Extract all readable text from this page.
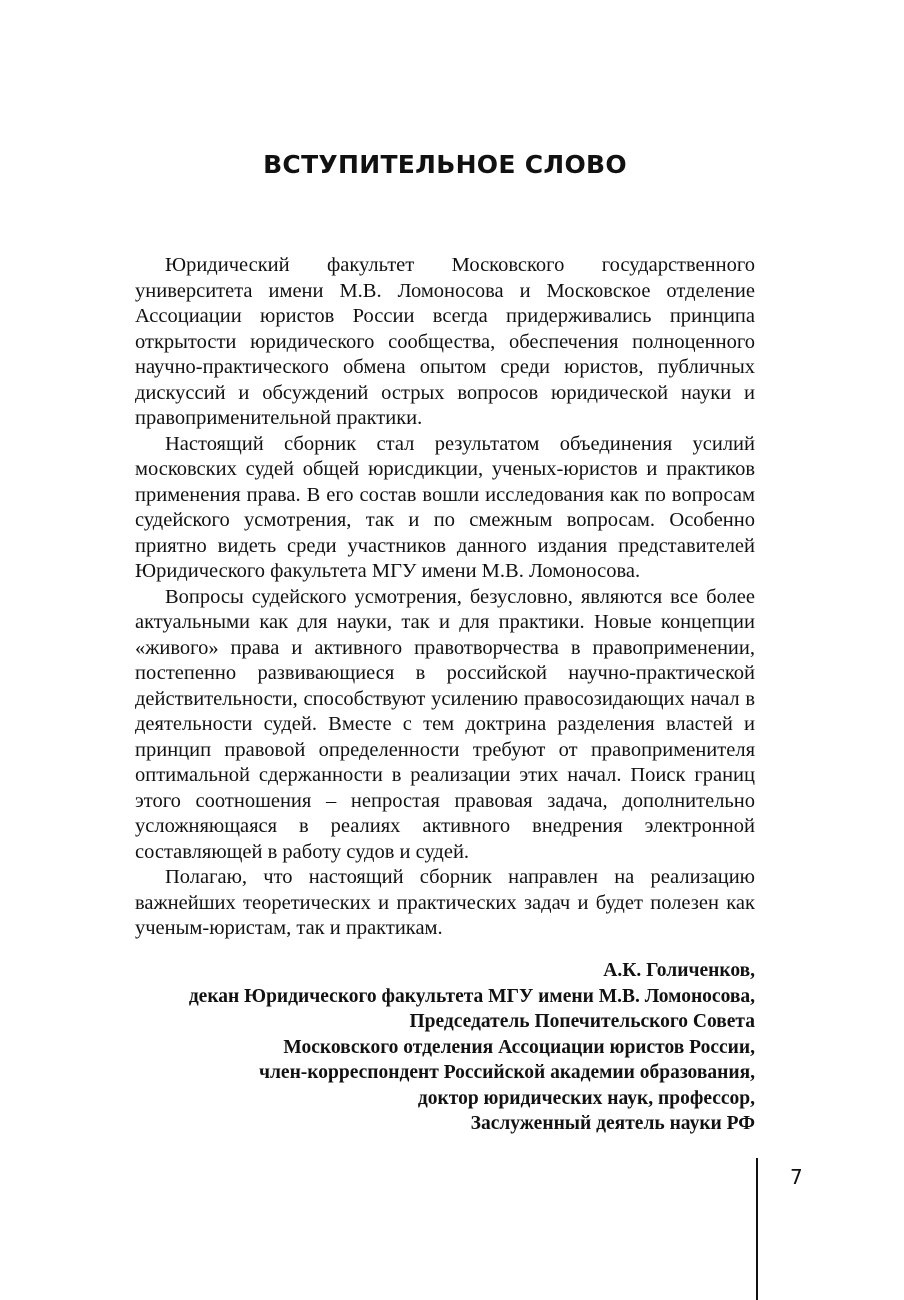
ВСТУПИТЕЛЬНОЕ СЛОВО

Юридический факультет Московского государственного университета имени М.В. Ломоносова и Московское отделение Ассоциации юристов России всегда придерживались принципа открытости юридического сообщества, обеспечения полноценного научно-практического обмена опытом среди юристов, публичных дискуссий и обсуждений острых вопросов юридической науки и правоприменительной практики.

Настоящий сборник стал результатом объединения усилий московских судей общей юрисдикции, ученых-юристов и практиков применения права. В его состав вошли исследования как по вопросам судейского усмотрения, так и по смежным вопросам. Особенно приятно видеть среди участников данного издания представителей Юридического факультета МГУ имени М.В. Ломоносова.

Вопросы судейского усмотрения, безусловно, являются все более актуальными как для науки, так и для практики. Новые концепции «живого» права и активного правотворчества в правоприменении, постепенно развивающиеся в российской научно-практической действительности, способствуют усилению правосозидающих начал в деятельности судей. Вместе с тем доктрина разделения властей и принцип правовой определенности требуют от правоприменителя оптимальной сдержанности в реализации этих начал. Поиск границ этого соотношения – непростая правовая задача, дополнительно усложняющаяся в реалиях активного внедрения электронной составляющей в работу судов и судей.

Полагаю, что настоящий сборник направлен на реализацию важнейших теоретических и практических задач и будет полезен как ученым-юристам, так и практикам.

А.К. Голиченков,
декан Юридического факультета МГУ имени М.В. Ломоносова,
Председатель Попечительского Совета
Московского отделения Ассоциации юристов России,
член-корреспондент Российской академии образования,
доктор юридических наук, профессор,
Заслуженный деятель науки РФ
7
